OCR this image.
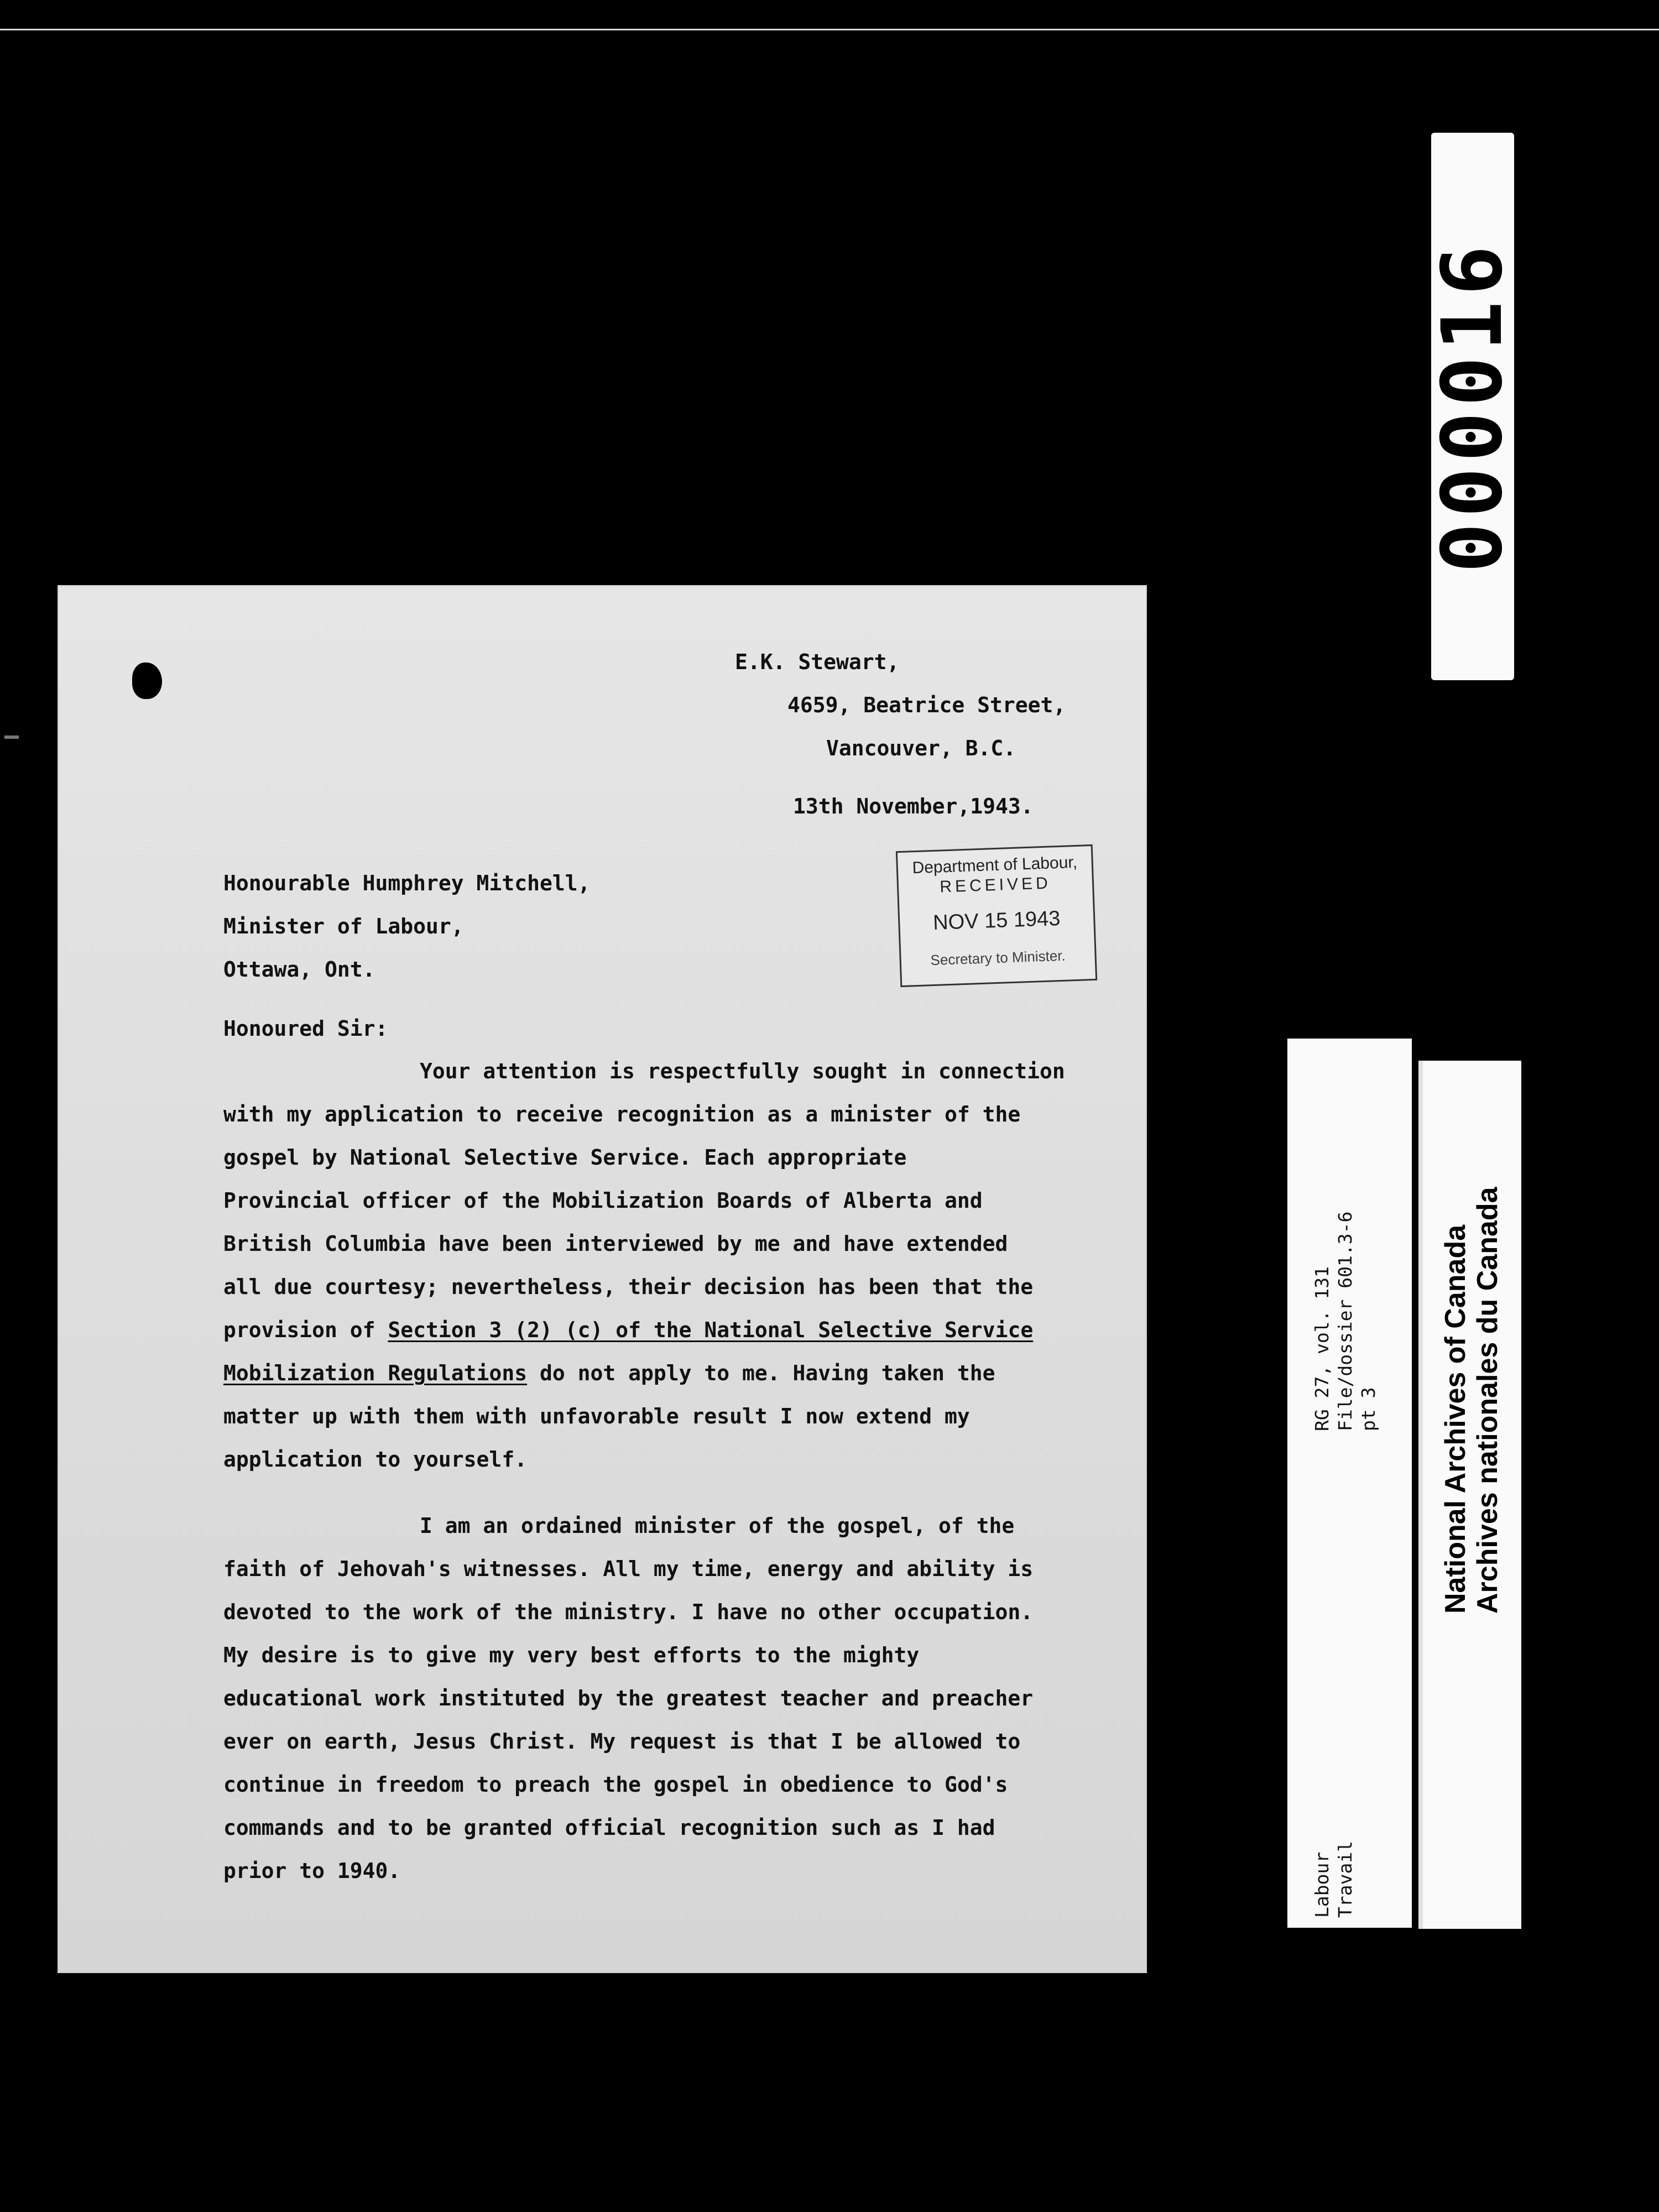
000016
E.K. Stewart,
4659, Beatrice Street,
Vancouver, B.C.
13th November,1943.
Department of Labour,
RECEIVED
NOV 15 1943
Secretary to Minister.
Honourable Humphrey Mitchell,
Minister of Labour,
Ottawa, Ont.
Honoured Sir:
Your attention is respectfully sought in connection
with my application to receive recognition as a minister of the
gospel by National Selective Service. Each appropriate
Provincial officer of the Mobilization Boards of Alberta and
British Columbia have been interviewed by me and have extended
all due courtesy; nevertheless, their decision has been that the
provision of Section 3 (2) (c) of the National Selective Service
Mobilization Regulations do not apply to me. Having taken the
matter up with them with unfavorable result I now extend my
application to yourself.
I am an ordained minister of the gospel, of the
faith of Jehovah's witnesses. All my time, energy and ability is
devoted to the work of the ministry. I have no other occupation.
My desire is to give my very best efforts to the mighty
educational work instituted by the greatest teacher and preacher
ever on earth, Jesus Christ. My request is that I be allowed to
continue in freedom to preach the gospel in obedience to God's
commands and to be granted official recognition such as I had
prior to 1940.
RG 27, vol. 131 File/dossier 601.3-6 pt 3
Labour Travail
National Archives of Canada Archives nationales du Canada
